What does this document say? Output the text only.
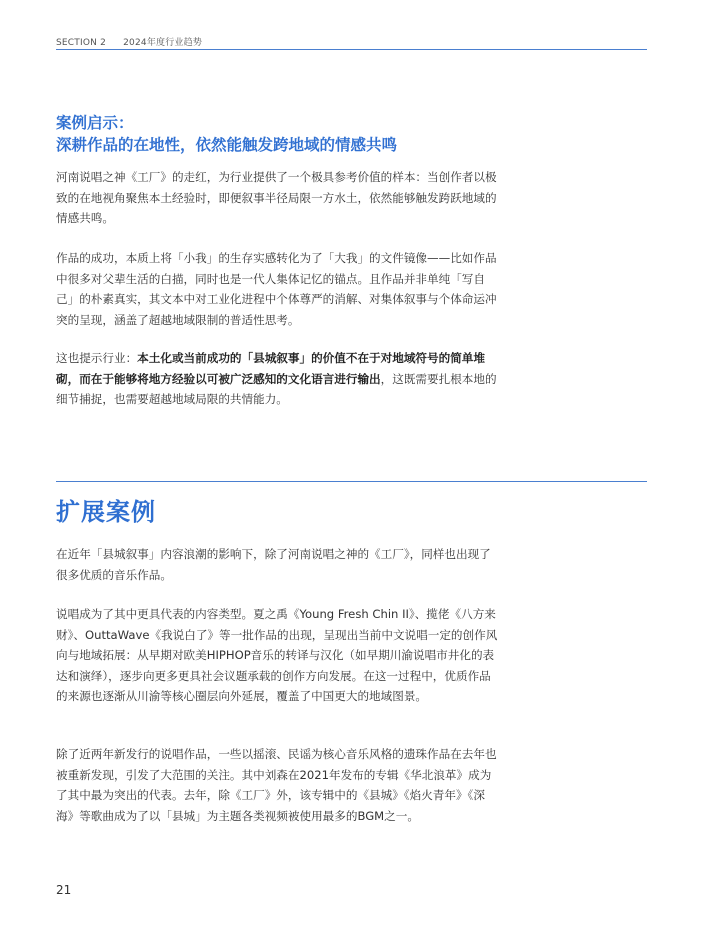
SECTION 2 2024年度行业趋势
案例启示：
深耕作品的在地性，依然能触发跨地域的情感共鸣

河南说唱之神《工厂》的走红，为行业提供了一个极具参考价值的样本：当创作者以极致的在地视角聚焦本土经验时，即便叙事半径局限一方水土，依然能够触发跨跃地域的情感共鸣。

作品的成功，本质上将「小我」的生存实感转化为了「大我」的文件镜像——比如作品中很多对父辈生活的白描，同时也是一代人集体记忆的锚点。且作品并非单纯「写自己」的朴素真实，其文本中对工业化进程中个体尊严的消解、对集体叙事与个体命运冲突的呈现，涵盖了超越地域限制的普适性思考。

这也提示行业：本土化或当前成功的「县城叙事」的价值不在于对地域符号的简单堆砌，而在于能够将地方经验以可被广泛感知的文化语言进行输出，这既需要扎根本地的细节捕捉，也需要超越地域局限的共情能力。

扩展案例

在近年「县城叙事」内容浪潮的影响下，除了河南说唱之神的《工厂》，同样也出现了很多优质的音乐作品。

说唱成为了其中更具代表的内容类型。夏之禹《Young Fresh Chin II》、揽佬《八方来财》、OuttaWave《我说白了》等一批作品的出现，呈现出当前中文说唱一定的创作风向与地域拓展：从早期对欧美HIPHOP音乐的转译与汉化（如早期川渝说唱市井化的表达和演绎），逐步向更多更具社会议题承载的创作方向发展。在这一过程中，优质作品的来源也逐渐从川渝等核心圈层向外延展，覆盖了中国更大的地域图景。

除了近两年新发行的说唱作品，一些以摇滚、民谣为核心音乐风格的遗珠作品在去年也被重新发现，引发了大范围的关注。其中刘森在2021年发布的专辑《华北浪革》成为了其中最为突出的代表。去年，除《工厂》外，该专辑中的《县城》《焰火青年》《深海》等歌曲成为了以「县城」为主题各类视频被使用最多的BGM之一。

21
